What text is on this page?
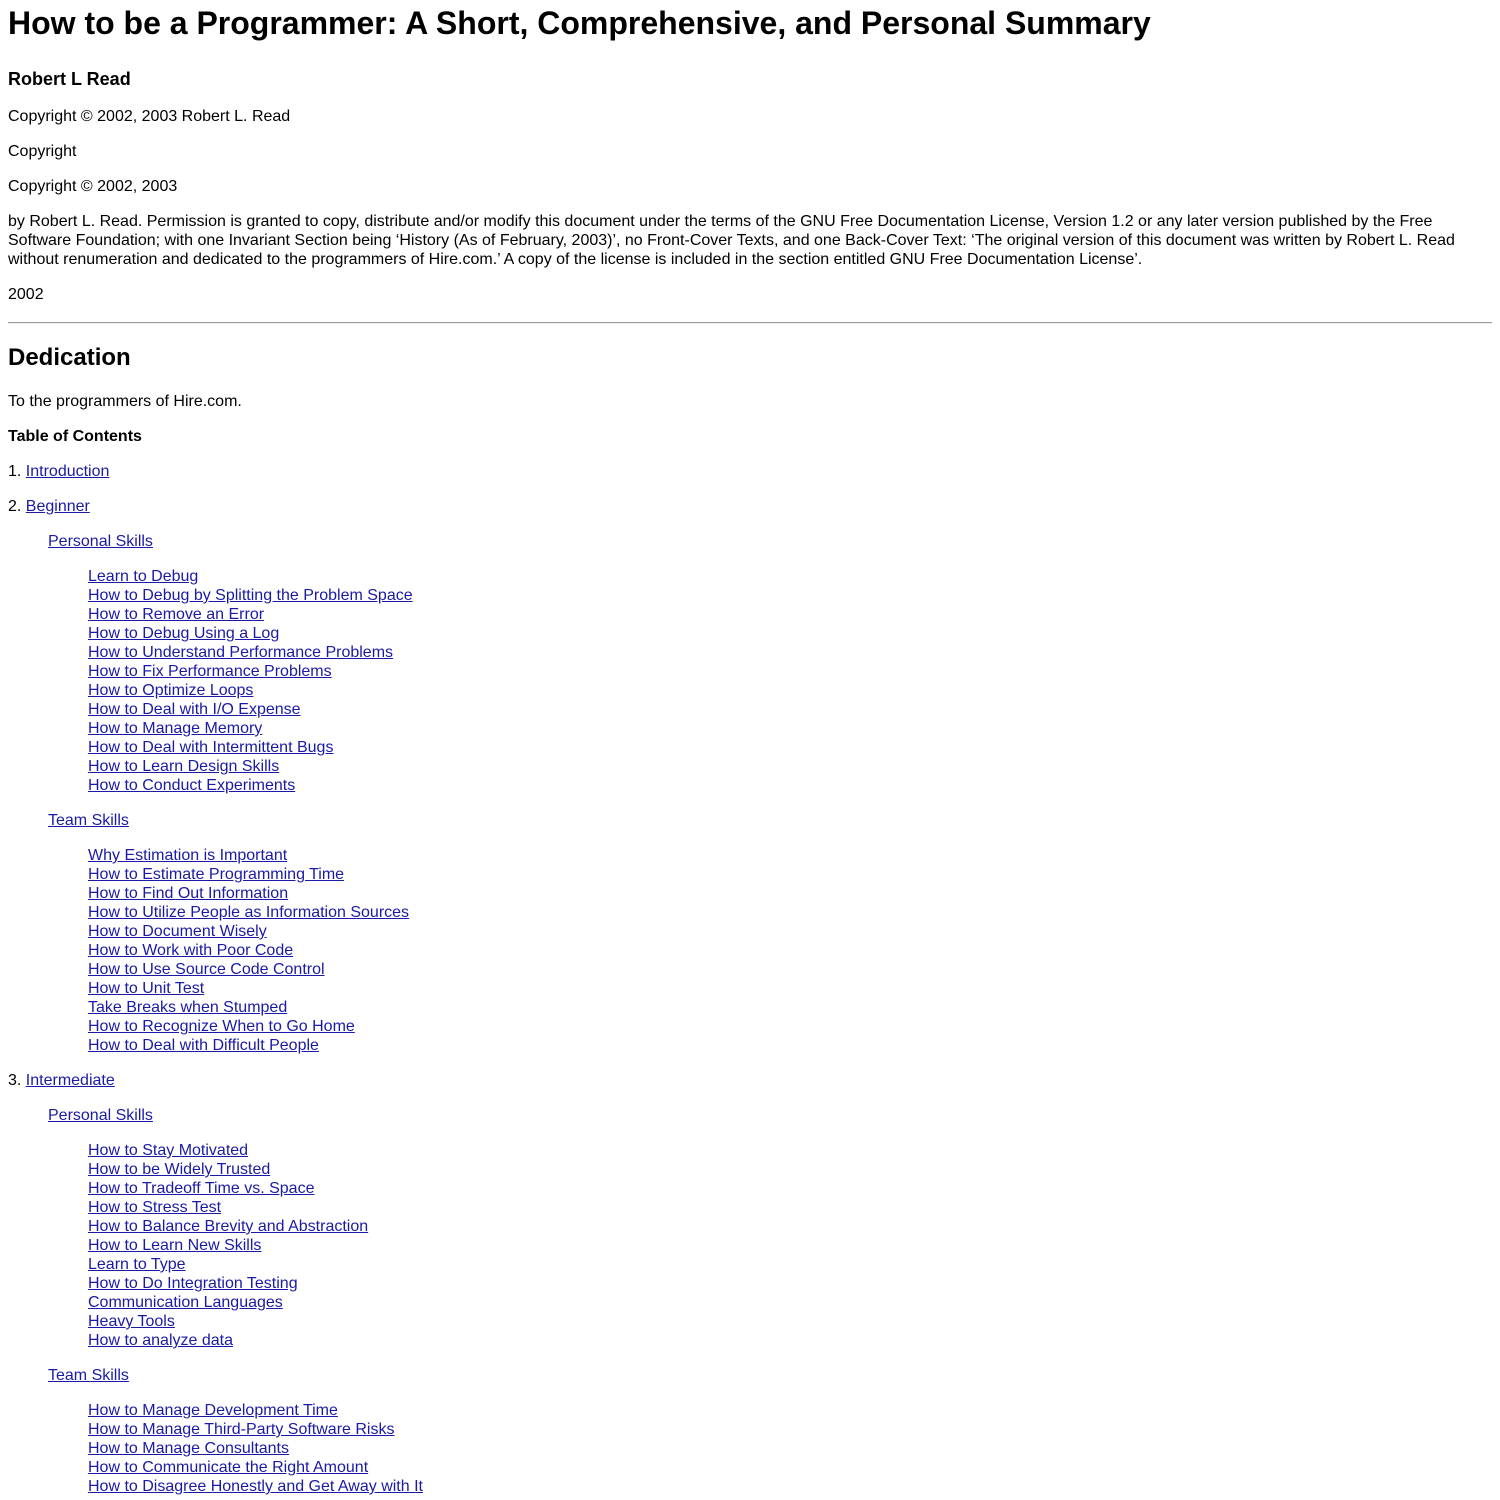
How to be a Programmer: A Short, Comprehensive, and Personal Summary
Robert L Read

Copyright © 2002, 2003 Robert L. Read

Copyright

Copyright © 2002, 2003

by Robert L. Read. Permission is granted to copy, distribute and/or modify this document under the terms of the GNU Free Documentation License, Version 1.2 or any later version published by the Free Software Foundation; with one Invariant Section being ‘History (As of February, 2003)’, no Front-Cover Texts, and one Back-Cover Text: ‘The original version of this document was written by Robert L. Read without renumeration and dedicated to the programmers of Hire.com.’ A copy of the license is included in the section entitled GNU Free Documentation License’.

2002

Dedication

To the programmers of Hire.com.

Table of Contents
1. Introduction
2. Beginner
Personal Skills
Learn to Debug
How to Debug by Splitting the Problem Space
How to Remove an Error
How to Debug Using a Log
How to Understand Performance Problems
How to Fix Performance Problems
How to Optimize Loops
How to Deal with I/O Expense
How to Manage Memory
How to Deal with Intermittent Bugs
How to Learn Design Skills
How to Conduct Experiments
Team Skills
Why Estimation is Important
How to Estimate Programming Time
How to Find Out Information
How to Utilize People as Information Sources
How to Document Wisely
How to Work with Poor Code
How to Use Source Code Control
How to Unit Test
Take Breaks when Stumped
How to Recognize When to Go Home
How to Deal with Difficult People
3. Intermediate
Personal Skills
How to Stay Motivated
How to be Widely Trusted
How to Tradeoff Time vs. Space
How to Stress Test
How to Balance Brevity and Abstraction
How to Learn New Skills
Learn to Type
How to Do Integration Testing
Communication Languages
Heavy Tools
How to analyze data
Team Skills
How to Manage Development Time
How to Manage Third-Party Software Risks
How to Manage Consultants
How to Communicate the Right Amount
How to Disagree Honestly and Get Away with It
